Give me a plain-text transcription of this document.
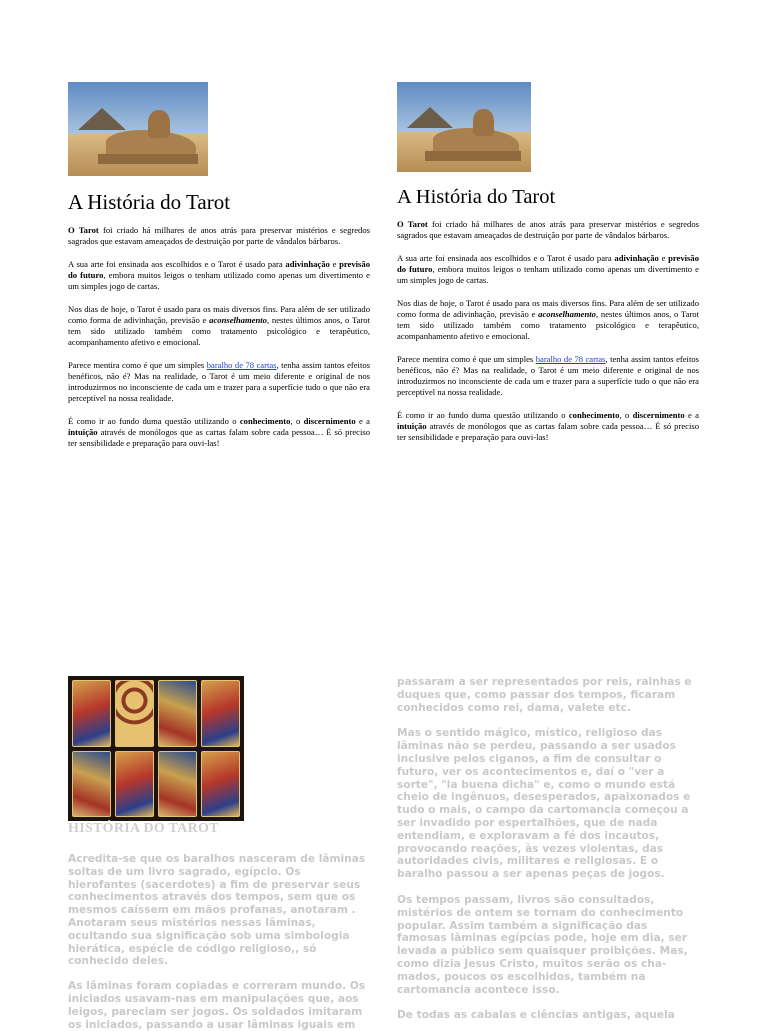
A História do Tarot

O Tarot foi criado há milhares de anos atrás para preservar mistérios e segredos sagrados que estavam ameaçados de destruição por parte de vândalos bárbaros.

A sua arte foi ensinada aos escolhidos e o Tarot é usado para adivinhação e previsão do futuro, embora muitos leigos o tenham utilizado como apenas um divertimento e um simples jogo de cartas.

Nos dias de hoje, o Tarot é usado para os mais diversos fins. Para além de ser utilizado como forma de adivinhação, previsão e aconselhamento, nestes últimos anos, o Tarot tem sido utilizado também como tratamento psicológico e terapêutico, acompanhamento afetivo e emocional.

Parece mentira como é que um simples baralho de 78 cartas, tenha assim tantos efeitos benéficos, não é? Mas na realidade, o Tarot é um meio diferente e original de nos introduzirmos no inconsciente de cada um e trazer para a superfície tudo o que não era perceptível na nossa realidade.

É como ir ao fundo duma questão utilizando o conhecimento, o discernimento e a intuição através de monólogos que as cartas falam sobre cada pessoa… É só preciso ter sensibilidade e preparação para ouvi-las!

A História do Tarot

O Tarot foi criado há milhares de anos atrás para preservar mistérios e segredos sagrados que estavam ameaçados de destruição por parte de vândalos bárbaros.

A sua arte foi ensinada aos escolhidos e o Tarot é usado para adivinhação e previsão do futuro, embora muitos leigos o tenham utilizado como apenas um divertimento e um simples jogo de cartas.

Nos dias de hoje, o Tarot é usado para os mais diversos fins. Para além de ser utilizado como forma de adivinhação, previsão e aconselhamento, nestes últimos anos, o Tarot tem sido utilizado também como tratamento psicológico e terapêutico, acompanhamento afetivo e emocional.

Parece mentira como é que um simples baralho de 78 cartas, tenha assim tantos efeitos benéficos, não é? Mas na realidade, o Tarot é um meio diferente e original de nos introduzirmos no inconsciente de cada um e trazer para a superfície tudo o que não era perceptível na nossa realidade.

É como ir ao fundo duma questão utilizando o conhecimento, o discernimento e a intuição através de monólogos que as cartas falam sobre cada pessoa… É só preciso ter sensibilidade e preparação para ouvi-las!

HISTÓRIA DO TAROT

Acredita-se que os baralhos nasceram de lâminas soltas de um livro sagrado, egípcio. Os hierofantes (sacerdotes) a fim de preservar seus conhecimentos através dos tempos, sem que os mesmos caíssem em mãos profanas, anotaram . Anotaram seus mistérios nessas lâminas, ocultando sua significação sob uma simbologia hierática, espécie de código religioso,, só conhecido deles.

As lâminas foram copiadas e correram mundo. Os iniciados usavam-nas em manipulações que, aos leigos, pareciam ser jogos. Os soldados imitaram os iniciados, passando a usar lâminas iguais em

passaram a ser representados por reis, rainhas e duques que, como passar dos tempos, ficaram conhecidos como rei, dama, valete etc.

Mas o sentido mágico, místico, religioso das lâminas não se perdeu, passando a ser usados inclusive pelos ciganos, a fim de consultar o futuro, ver os acontecimentos e, daí o "ver a sorte", "la buena dicha" e, como o mundo está cheio de ingênuos, desesperados, apaixonados e tudo o mais, o campo da cartomancia começou a ser invadido por espertalhões, que de nada entendiam, e exploravam a fé dos incautos, provocando reações, às vezes violentas, das autoridades civis, militares e religiosas. E o baralho passou a ser apenas peças de jogos.

Os tempos passam, livros são consultados, mistérios de ontem se tornam do conhecimento popular. Assim também a significação das famosas lâminas egípcias pode, hoje em dia, ser levada a público sem quaisquer proibições. Mas, como dizia Jesus Cristo, muitos serão os cha- mados, poucos os escolhidos, também na cartomancia acontece isso.

De todas as cabalas e ciências antigas, aquela
